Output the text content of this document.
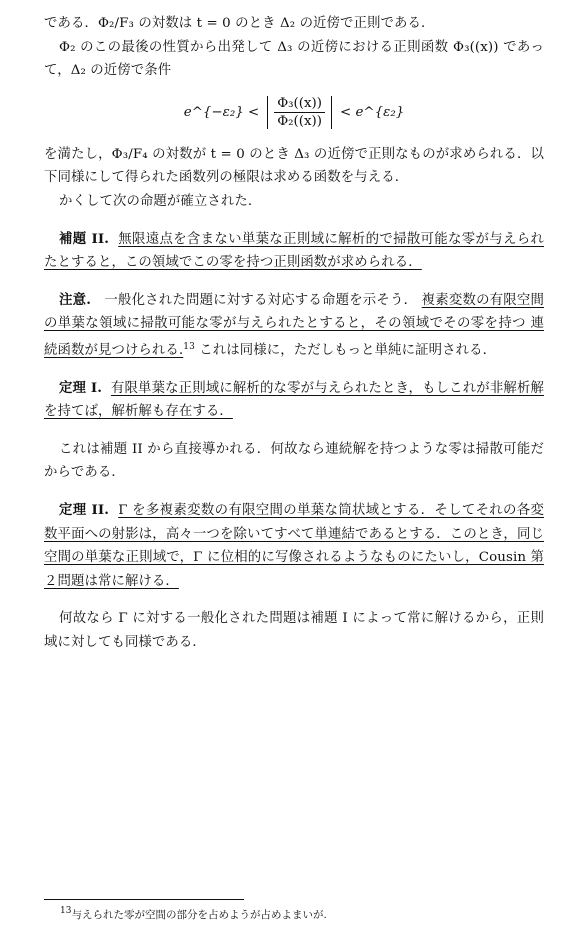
である．Φ₂/F₃ の対数は t = 0 のとき Δ₂ の近傍で正則である．

Φ₂ のこの最後の性質から出発して Δ₃ の近傍における正則函数 Φ₃((x)) であって，Δ₂ の近傍で条件

e^{−ε₂} < $\frac{\text{Φ₃((x))}}{\text{Φ₂((x))}}$ < e^{ε₂}

を満たし，Φ₃/F₄ の対数が t = 0 のとき Δ₃ の近傍で正則なものが求められる．以下同様にして得られた函数列の極限は求める函数を与える．

かくして次の命題が確立された．

補題 II. 無限遠点を含まない単葉な正則域に解析的で掃散可能な零が与えられたとすると，この領域でこの零を持つ正則函数が求められる．

注意. 一般化された問題に対する対応する命題を示そう． 複素変数の有限空間の単葉な領域に掃散可能な零が与えられたとすると，その領域でその零を持つ 連続函数が見つけられる.$^{13}$ これは同様に，ただしもっと単純に証明される．

定理 I. 有限単葉な正則域に解析的な零が与えられたとき，もしこれが非解析解を持てば，解析解も存在する．

これは補題 II から直接導かれる．何故なら連続解を持つような零は掃散可能だからである．

定理 II. Γ を多複素変数の有限空間の単葉な筒状域とする．そしてそれの各変数平面への射影は，高々一つを除いてすべて単連結であるとする．このとき，同じ空間の単葉な正則域で，Γ に位相的に写像されるようなものにたいし，Cousin 第２問題は常に解ける．

何故なら Γ に対する一般化された問題は補題 I によって常に解けるから，正則域に対しても同様である．

$^{13}$与えられた零が空間の部分を占めようが占めよまいが.
